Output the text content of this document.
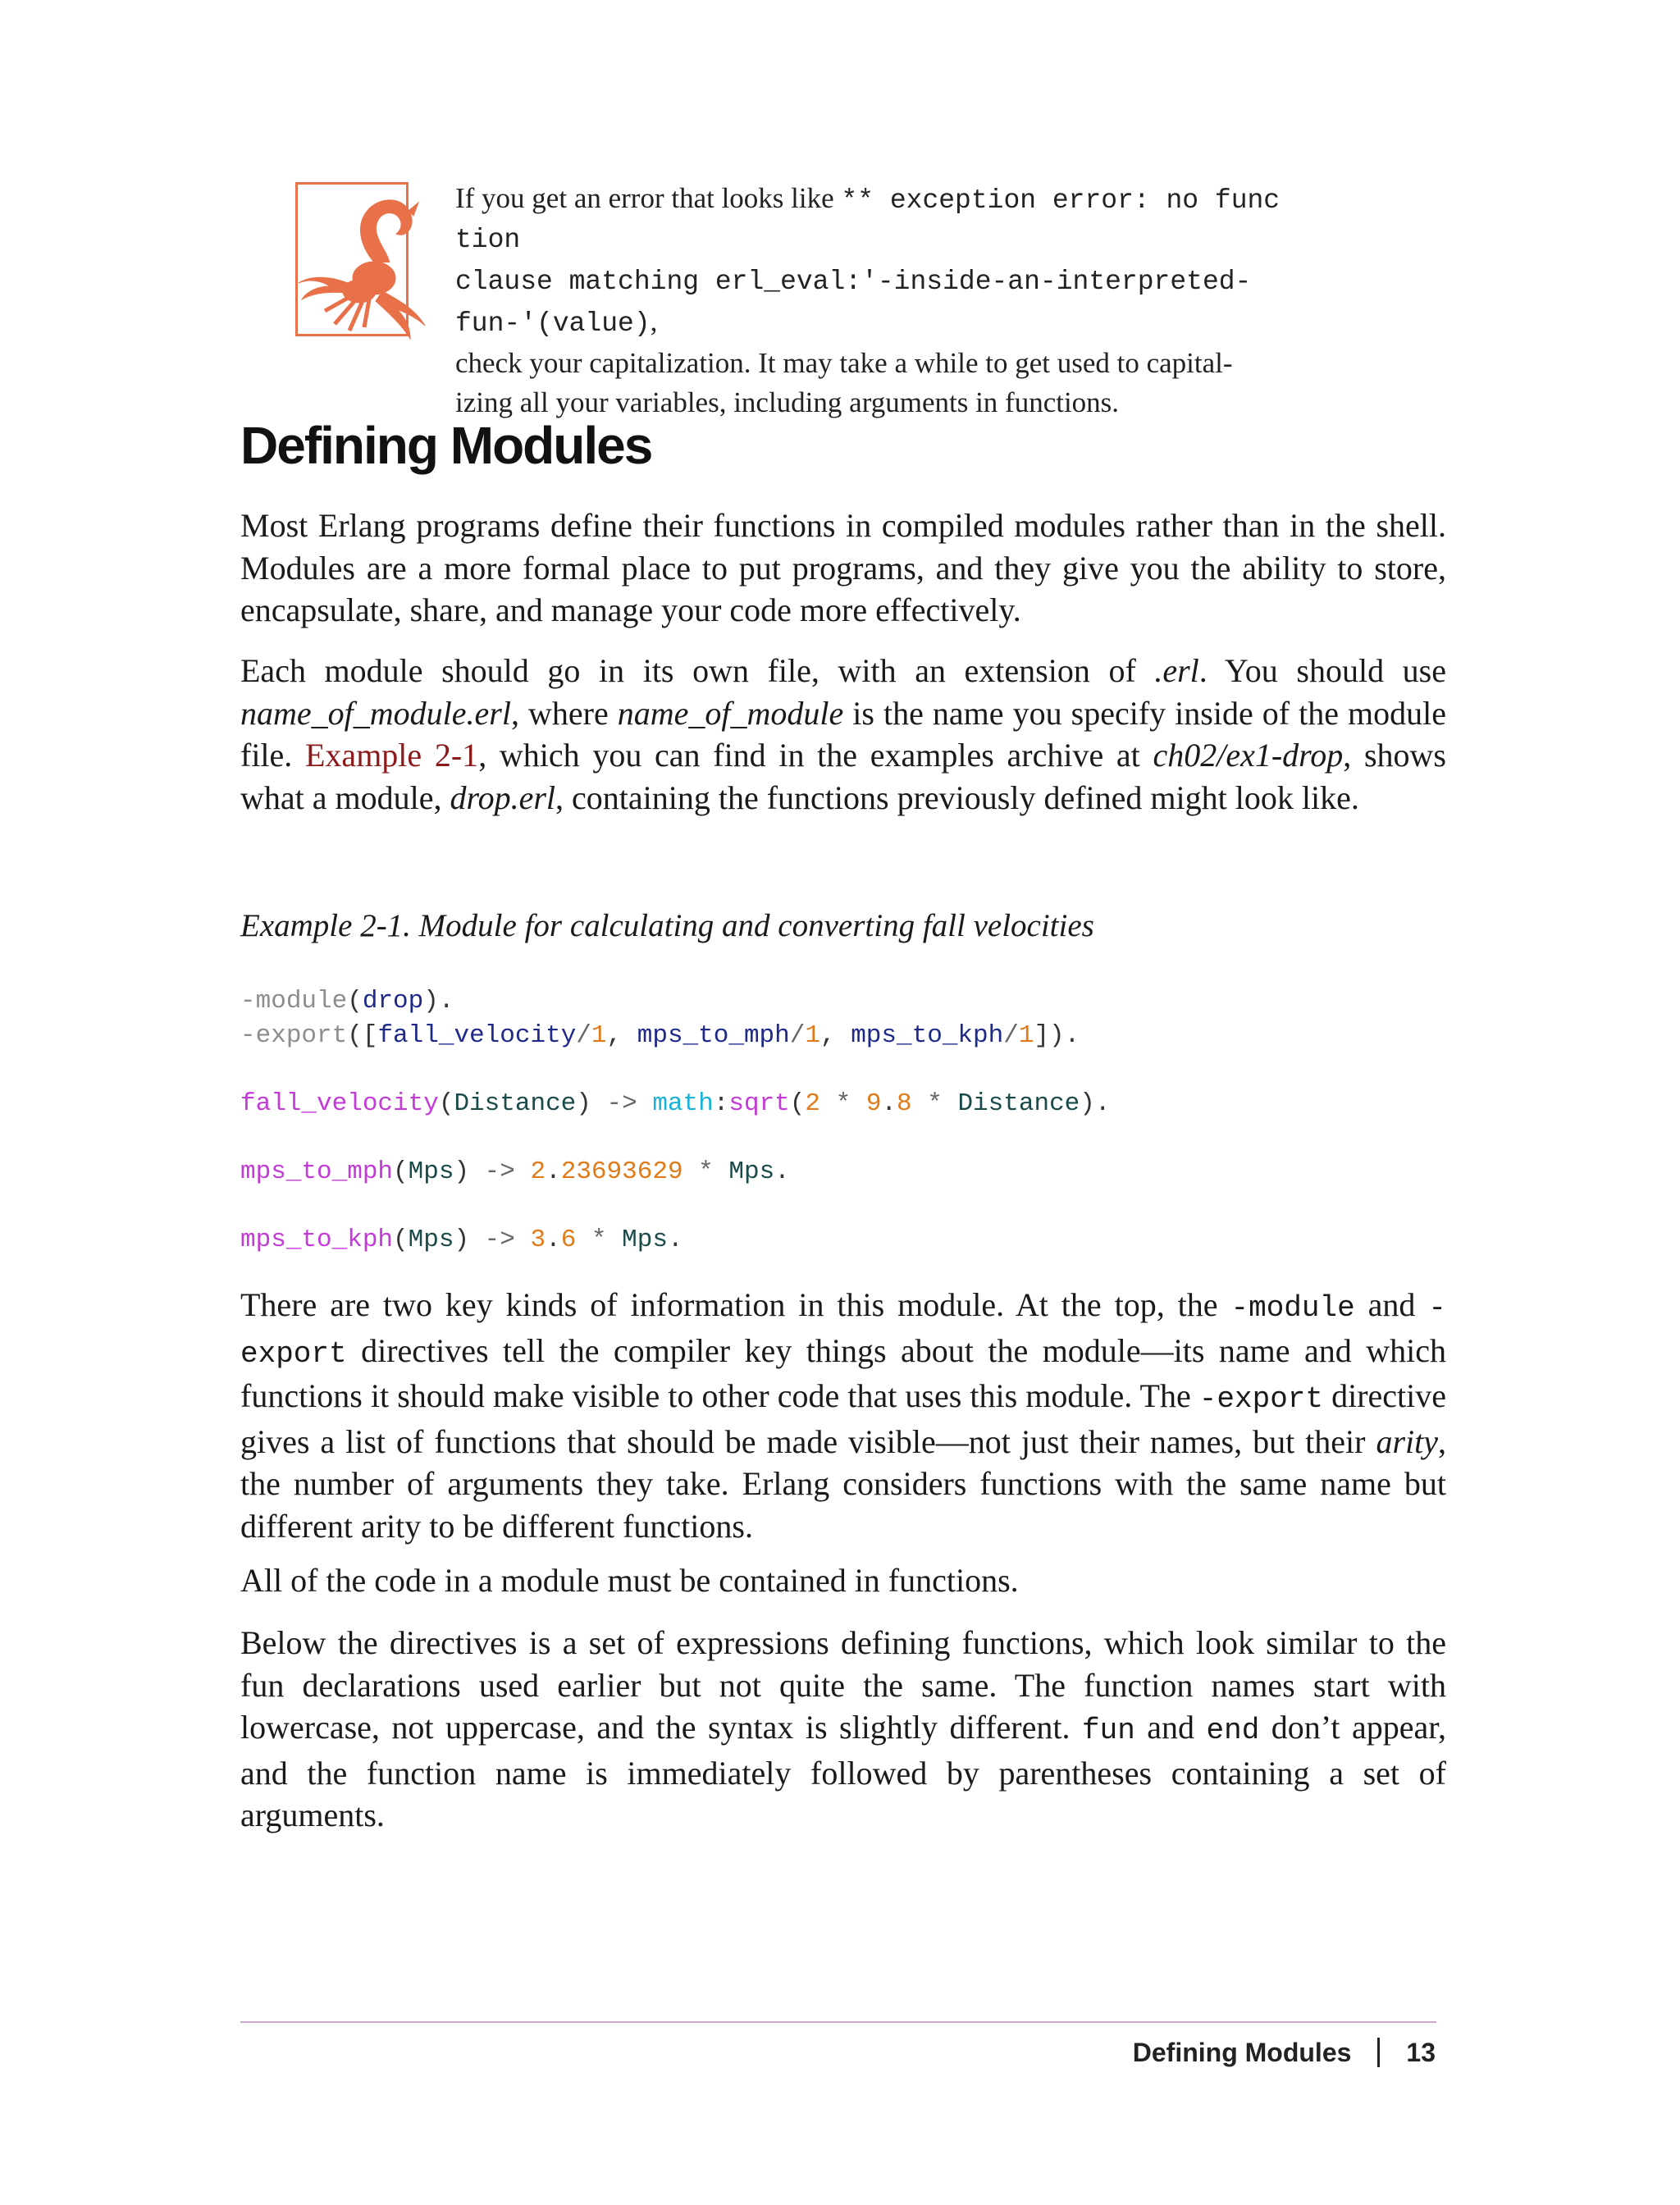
If you get an error that looks like ** exception error: no func
tion
clause matching erl_eval:'-inside-an-interpreted-fun-'(value),
check your capitalization. It may take a while to get used to capital-
izing all your variables, including arguments in functions.
Defining Modules

Most Erlang programs define their functions in compiled modules rather than in the shell. Modules are a more formal place to put programs, and they give you the ability to store, encapsulate, share, and manage your code more effectively.

Each module should go in its own file, with an extension of .erl. You should use name_of_module.erl, where name_of_module is the name you specify inside of the module file. Example 2-1, which you can find in the examples archive at ch02/ex1-drop, shows what a module, drop.erl, containing the functions previously defined might look like.

Example 2-1. Module for calculating and converting fall velocities

-module(drop).
-export([fall_velocity/1, mps_to_mph/1, mps_to_kph/1]).
fall_velocity(Distance) -> math:sqrt(2 * 9.8 * Distance).
mps_to_mph(Mps) -> 2.23693629 * Mps.
mps_to_kph(Mps) -> 3.6 * Mps.

There are two key kinds of information in this module. At the top, the -module and -export directives tell the compiler key things about the module—its name and which functions it should make visible to other code that uses this module. The -export directive gives a list of functions that should be made visible—not just their names, but their arity, the number of arguments they take. Erlang considers functions with the same name but different arity to be different functions.

All of the code in a module must be contained in functions.

Below the directives is a set of expressions defining functions, which look similar to the fun declarations used earlier but not quite the same. The function names start with lowercase, not uppercase, and the syntax is slightly different. fun and end don’t appear, and the function name is immediately followed by parentheses containing a set of arguments.

Defining Modules 13
